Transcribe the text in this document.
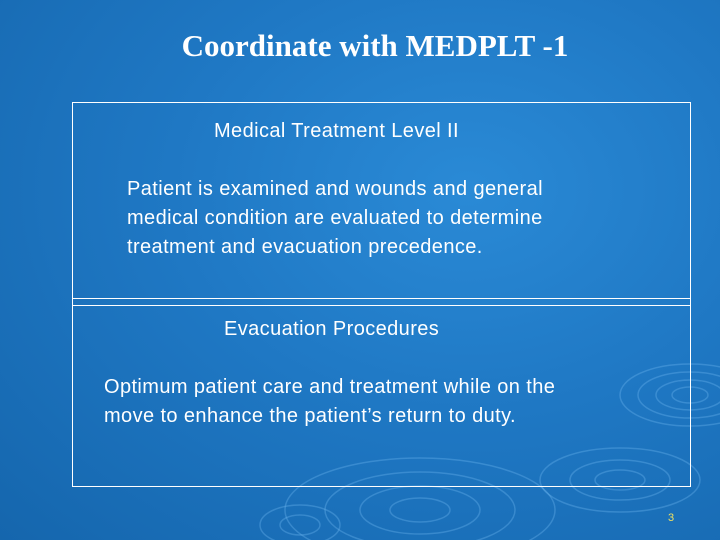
Coordinate with MEDPLT -1
Medical Treatment Level II
Patient is examined and wounds and general
medical condition are evaluated to determine
treatment and evacuation precedence.
Evacuation Procedures
Optimum patient care and treatment while on the
move to enhance the patient’s return to duty.
3
